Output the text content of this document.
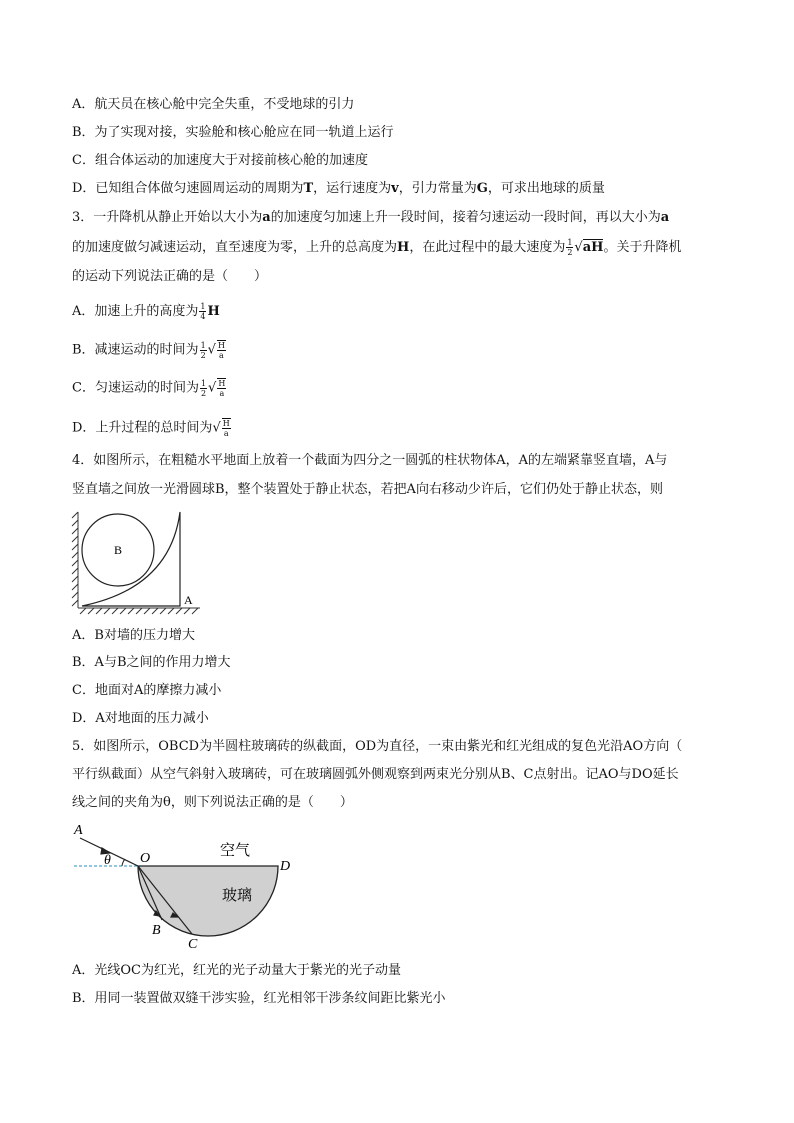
A．航天员在核心舱中完全失重，不受地球的引力
B．为了实现对接，实验舱和核心舱应在同一轨道上运行
C．组合体运动的加速度大于对接前核心舱的加速度
D．已知组合体做匀速圆周运动的周期为T，运行速度为v，引力常量为G，可求出地球的质量
3．一升降机从静止开始以大小为a的加速度匀加速上升一段时间，接着匀速运动一段时间，再以大小为a
的加速度做匀减速运动，直至速度为零，上升的总高度为H，在此过程中的最大速度为 $\frac{1}{2} √aH$。关于升降机
的运动下列说法正确的是（　　）
A．加速上升的高度为 $\frac{1}{4}$ H
B．减速运动的时间为 $\frac{1}{2}$ √ $\frac{H}{a}$
C．匀速运动的时间为 $\frac{1}{2}$ √ $\frac{H}{a}$
D．上升过程的总时间为√ $\frac{H}{a}$
4．如图所示，在粗糙水平地面上放着一个截面为四分之一圆弧的柱状物体A，A的左端紧靠竖直墙，A与
竖直墙之间放一光滑圆球B，整个装置处于静止状态，若把A向右移动少许后，它们仍处于静止状态，则
B
A
A．B对墙的压力增大
B．A与B之间的作用力增大
C．地面对A的摩擦力减小
D．A对地面的压力减小
5．如图所示，OBCD为半圆柱玻璃砖的纵截面，OD为直径，一束由紫光和红光组成的复色光沿AO方向（
平行纵截面）从空气斜射入玻璃砖，可在玻璃圆弧外侧观察到两束光分别从B、C点射出。记AO与DO延长
线之间的夹角为θ，则下列说法正确的是（　　）
A
θ O	空气
D
玻璃
B
C
A．光线OC为红光，红光的光子动量大于紫光的光子动量
B．用同一装置做双缝干涉实验，红光相邻干涉条纹间距比紫光小
